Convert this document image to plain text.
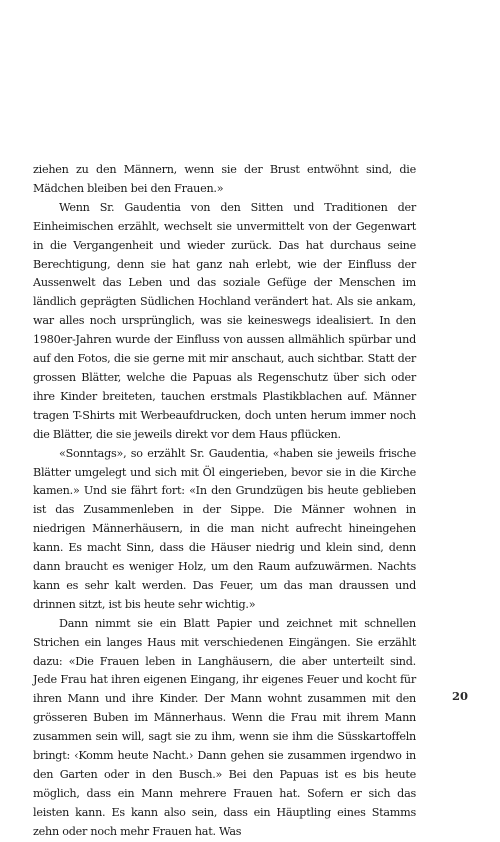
ziehen zu den Männern, wenn sie der Brust entwöhnt sind, die Mädchen bleiben bei den Frauen.»

Wenn Sr. Gaudentia von den Sitten und Traditionen der Einheimischen erzählt, wechselt sie unvermittelt von der Gegenwart in die Vergangenheit und wieder zurück. Das hat durchaus seine Berechtigung, denn sie hat ganz nah erlebt, wie der Einfluss der Aussenwelt das Leben und das soziale Gefüge der Menschen im ländlich geprägten Südlichen Hochland verändert hat. Als sie ankam, war alles noch ursprünglich, was sie keineswegs idealisiert. In den 1980er-Jahren wurde der Einfluss von aussen allmählich spürbar und auf den Fotos, die sie gerne mit mir anschaut, auch sichtbar. Statt der grossen Blätter, welche die Papuas als Regenschutz über sich oder ihre Kinder breiteten, tauchen erstmals Plastikblachen auf. Männer tragen T-Shirts mit Werbeaufdrucken, doch unten herum immer noch die Blätter, die sie jeweils direkt vor dem Haus pflücken.

«Sonntags», so erzählt Sr. Gaudentia, «haben sie jeweils frische Blätter umgelegt und sich mit Öl eingerieben, bevor sie in die Kirche kamen.» Und sie fährt fort: «In den Grundzügen bis heute geblieben ist das Zusammenleben in der Sippe. Die Männer wohnen in niedrigen Männerhäusern, in die man nicht aufrecht hineingehen kann. Es macht Sinn, dass die Häuser niedrig und klein sind, denn dann braucht es weniger Holz, um den Raum aufzuwärmen. Nachts kann es sehr kalt werden. Das Feuer, um das man draussen und drinnen sitzt, ist bis heute sehr wichtig.»

Dann nimmt sie ein Blatt Papier und zeichnet mit schnellen Strichen ein langes Haus mit verschiedenen Eingängen. Sie erzählt dazu: «Die Frauen leben in Langhäusern, die aber unterteilt sind. Jede Frau hat ihren eigenen Eingang, ihr eigenes Feuer und kocht für ihren Mann und ihre Kinder. Der Mann wohnt zusammen mit den grösseren Buben im Männerhaus. Wenn die Frau mit ihrem Mann zusammen sein will, sagt sie zu ihm, wenn sie ihm die Süsskartoffeln bringt: ‹Komm heute Nacht.› Dann gehen sie zusammen irgendwo in den Garten oder in den Busch.» Bei den Papuas ist es bis heute möglich, dass ein Mann mehrere Frauen hat. Sofern er sich das leisten kann. Es kann also sein, dass ein Häuptling eines Stamms zehn oder noch mehr Frauen hat. Was

20
